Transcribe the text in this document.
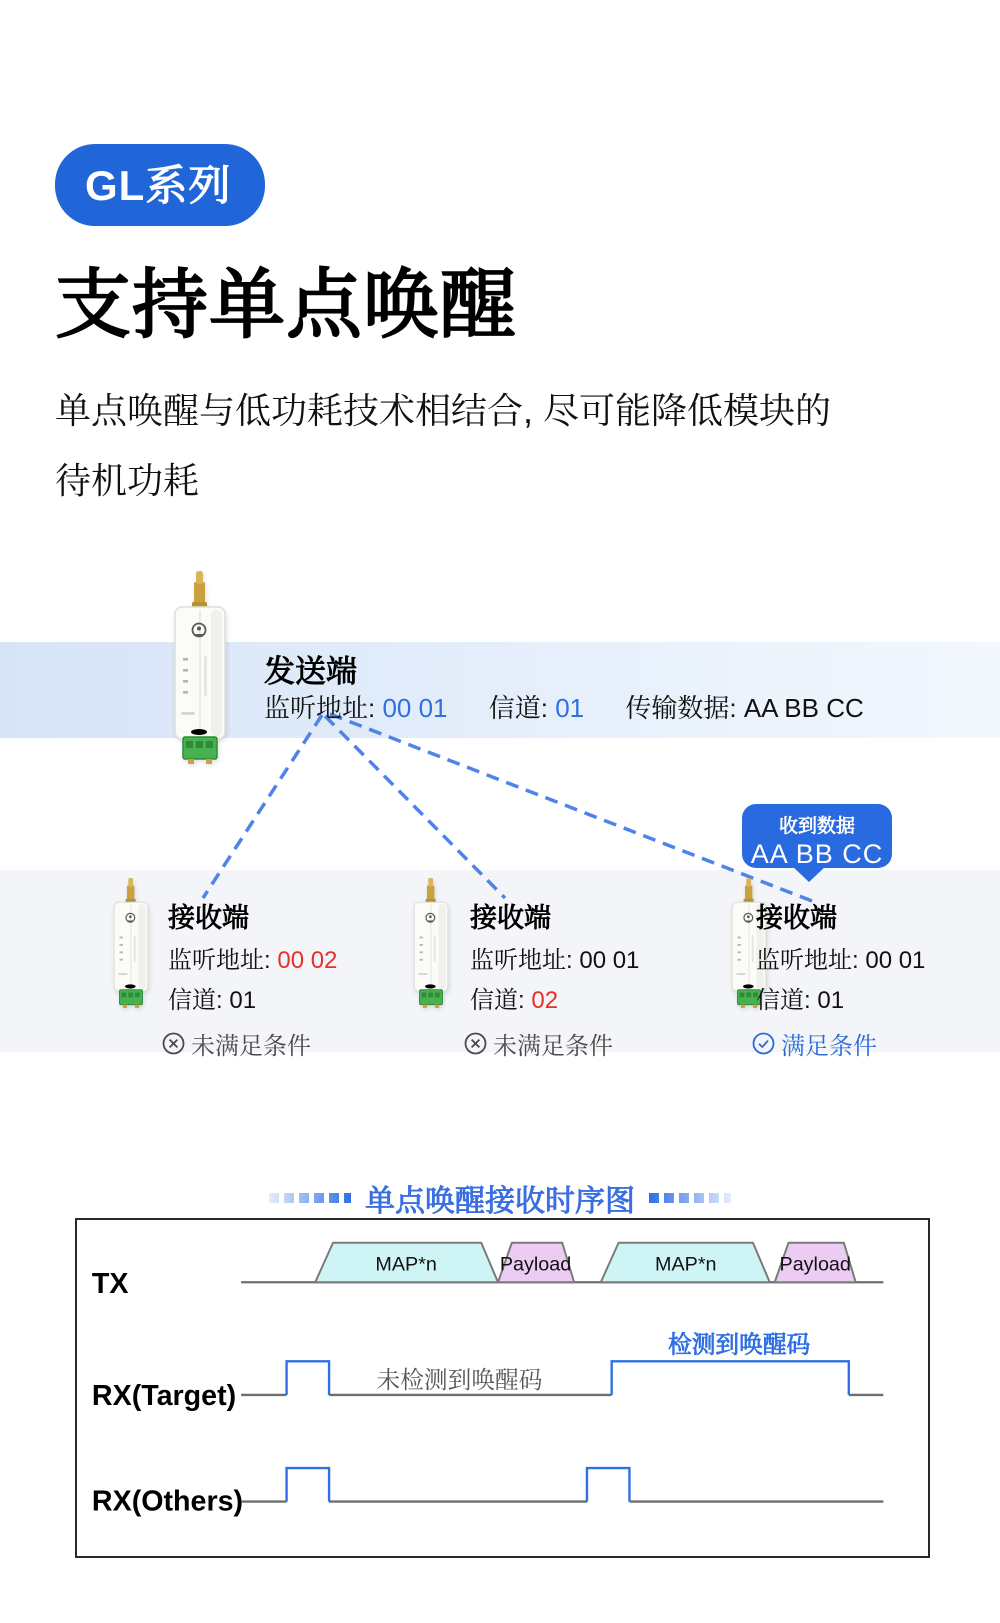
GL系列
支持单点唤醒
单点唤醒与低功耗技术相结合, 尽可能降低模块的
待机功耗
发送端
监听地址: 00 01 信道: 01 传输数据: AA BB CC
收到数据
AA BB CC
接收端
监听地址: 00 02
信道: 01
未满足条件
接收端
监听地址: 00 01
信道: 02
未满足条件
接收端
监听地址: 00 01
信道: 01
满足条件
单点唤醒接收时序图
TX
MAP*n	Payload	MAP*n	Payload
RX(Target)
检测到唤醒码
未检测到唤醒码
RX(Others)
